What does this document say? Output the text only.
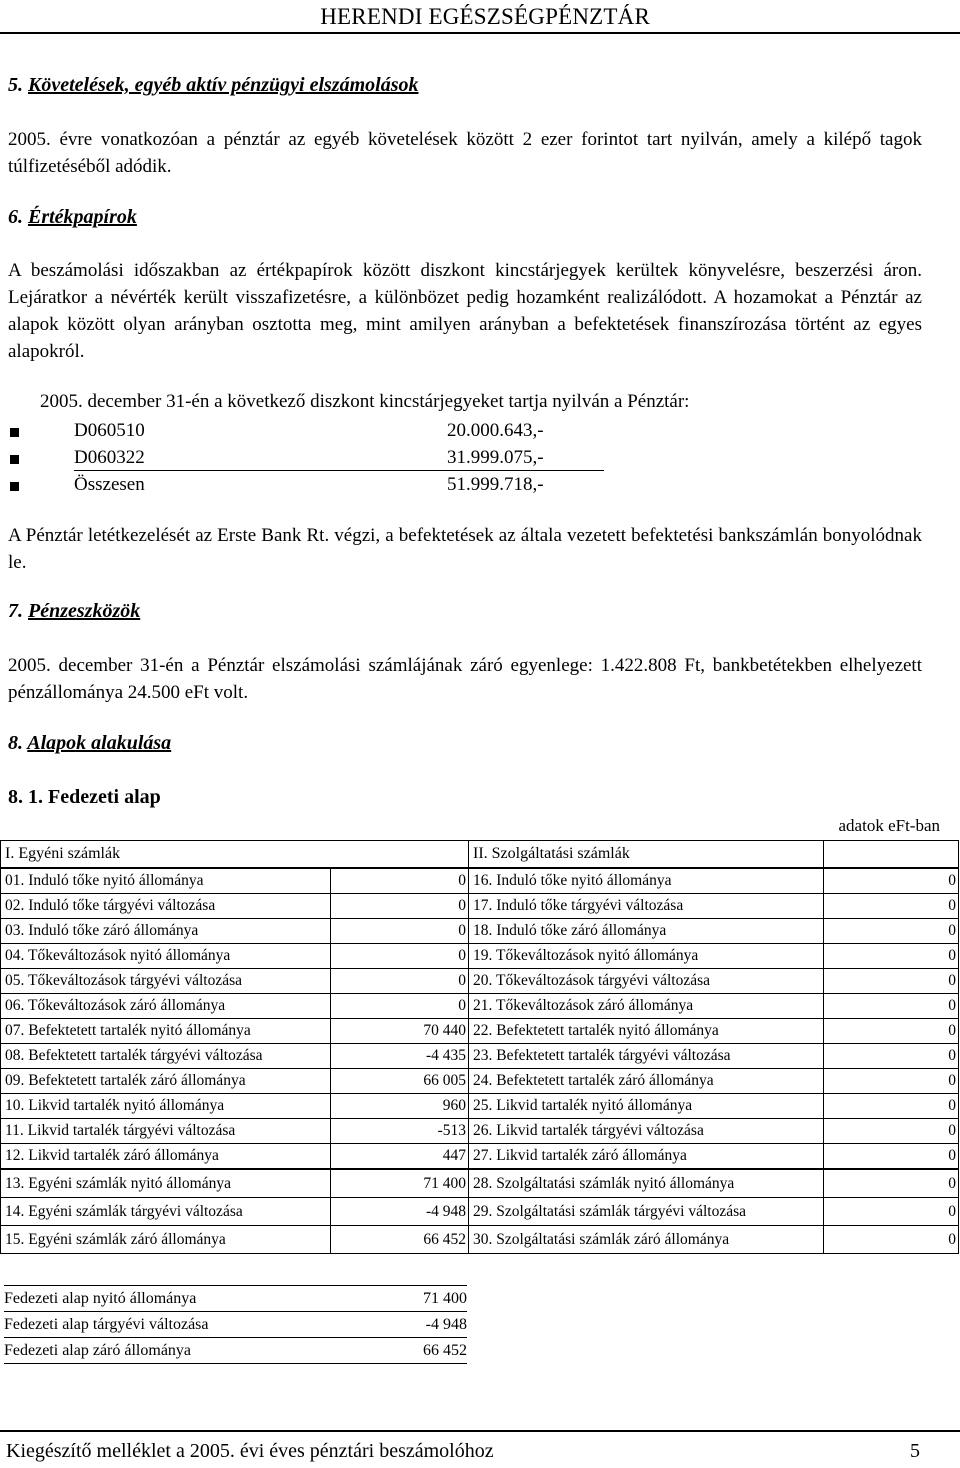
HERENDI EGÉSZSÉGPÉNZTÁR
5. Követelések, egyéb aktív pénzügyi elszámolások
2005. évre vonatkozóan a pénztár az egyéb követelések között 2 ezer forintot tart nyilván, amely a kilépő tagok túlfizetéséből adódik.
6. Értékpapírok
A beszámolási időszakban az értékpapírok között diszkont kincstárjegyek kerültek könyvelésre, beszerzési áron. Lejáratkor a névérték került visszafizetésre, a különbözet pedig hozamként realizálódott. A hozamokat a Pénztár az alapok között olyan arányban osztotta meg, mint amilyen arányban a befektetések finanszírozása történt az egyes alapokról.
2005. december 31-én a következő diszkont kincstárjegyeket tartja nyilván a Pénztár:
D060510	20.000.643,-
D060322	31.999.075,-
Összesen	51.999.718,-
A Pénztár letétkezelését az Erste Bank Rt. végzi, a befektetések az általa vezetett befektetési bankszámlán bonyolódnak le.
7. Pénzeszközök
2005. december 31-én a Pénztár elszámolási számlájának záró egyenlege: 1.422.808 Ft, bankbetétekben elhelyezett pénzállománya 24.500 eFt volt.
8. Alapok alakulása
8. 1. Fedezeti alap
adatok eFt-ban
I. Egyéni számlák		II. Szolgáltatási számlák	
01. Induló tőke nyitó állománya	0	16. Induló tőke nyitó állománya	0
02. Induló tőke tárgyévi változása	0	17. Induló tőke tárgyévi változása	0
03. Induló tőke záró állománya	0	18. Induló tőke záró állománya	0
04. Tőkeváltozások nyitó állománya	0	19. Tőkeváltozások nyitó állománya	0
05. Tőkeváltozások tárgyévi változása	0	20. Tőkeváltozások tárgyévi változása	0
06. Tőkeváltozások záró állománya	0	21. Tőkeváltozások záró állománya	0
07. Befektetett tartalék nyitó állománya	70 440	22. Befektetett tartalék nyitó állománya	0
08. Befektetett tartalék tárgyévi változása	-4 435	23. Befektetett tartalék tárgyévi változása	0
09. Befektetett tartalék záró állománya	66 005	24. Befektetett tartalék záró állománya	0
10. Likvid tartalék nyitó állománya	960	25. Likvid tartalék nyitó állománya	0
11. Likvid tartalék tárgyévi változása	-513	26. Likvid tartalék tárgyévi változása	0
12. Likvid tartalék záró állománya	447	27. Likvid tartalék záró állománya	0
13. Egyéni számlák nyitó állománya	71 400	28. Szolgáltatási számlák nyitó állománya	0
14. Egyéni számlák tárgyévi változása	-4 948	29. Szolgáltatási számlák tárgyévi változása	0
15. Egyéni számlák záró állománya	66 452	30. Szolgáltatási számlák záró állománya	0
Kiegészítő melléklet a 2005. évi éves pénztári beszámolóhoz	5
Fedezeti alap nyitó állománya	71 400
Fedezeti alap tárgyévi változása	-4 948
Fedezeti alap záró állománya	66 452
